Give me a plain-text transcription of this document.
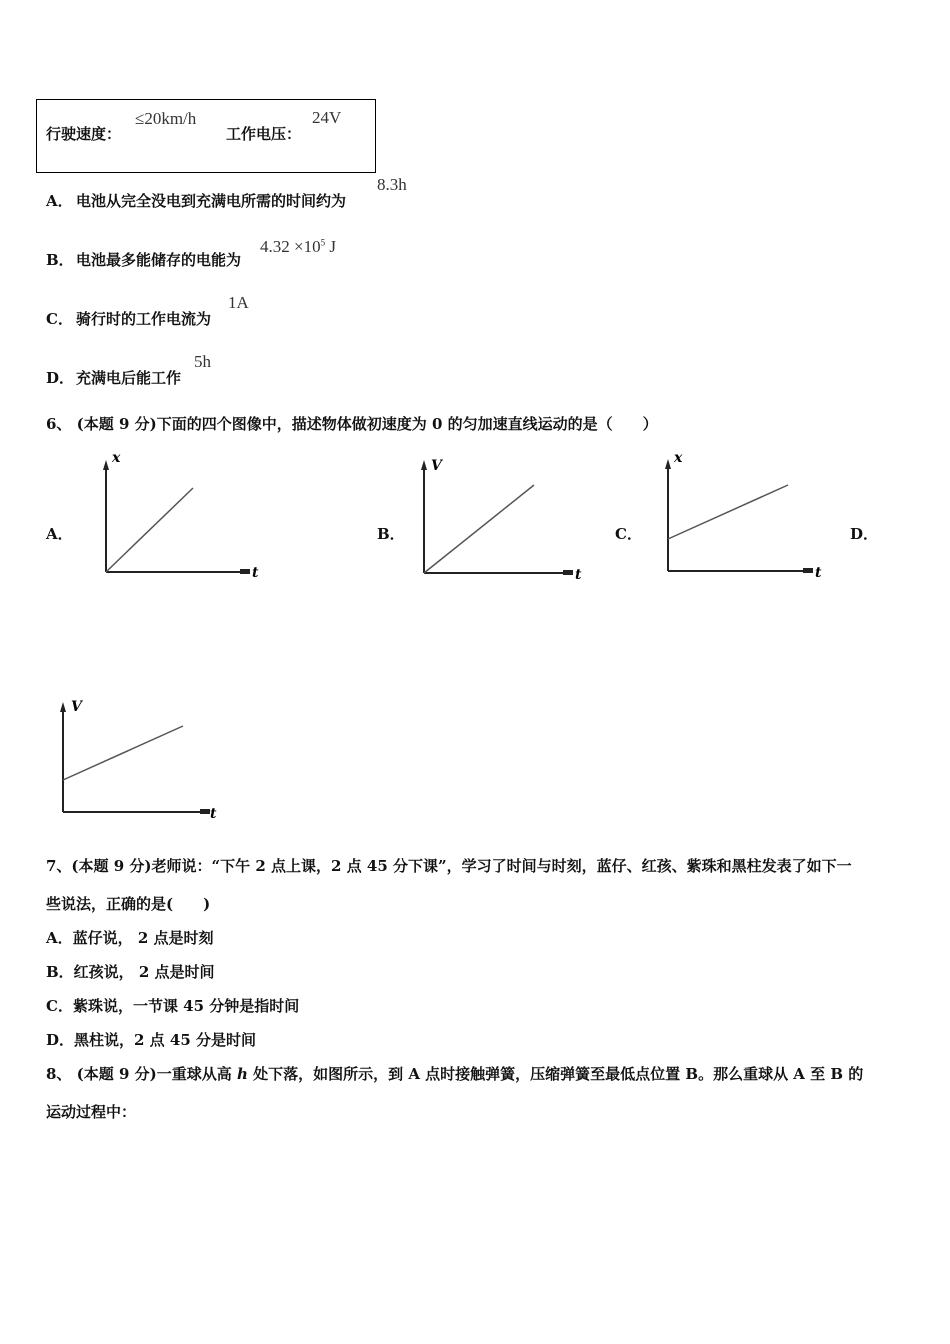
行驶速度：
≤20km/h
工作电压：
24V
A． 电池从完全没电到充满电所需的时间约为
8.3h
B． 电池最多能储存的电能为
$4.32 \times 10^5$ J
C． 骑行时的工作电流为
1A
D． 充满电后能工作
5h
6、 (本题 9 分)下面的四个图像中，描述物体做初速度为 0 的匀加速直线运动的是（　　）
A．	B．	C．	D．
x
t
V
t
x
t
V
t
7、(本题 9 分)老师说：“下午 2 点上课，2 点 45 分下课”，学习了时间与时刻，蓝仔、红孩、紫珠和黑柱发表了如下一
些说法，正确的是(　　)
A．蓝仔说， 2 点是时刻
B．红孩说， 2 点是时间
C．紫珠说，一节课 45 分钟是指时间
D．黑柱说，2 点 45 分是时间
8、 (本题 9 分)一重球从高 h 处下落，如图所示，到 A 点时接触弹簧，压缩弹簧至最低点位置 B。那么重球从 A 至 B 的
运动过程中：
